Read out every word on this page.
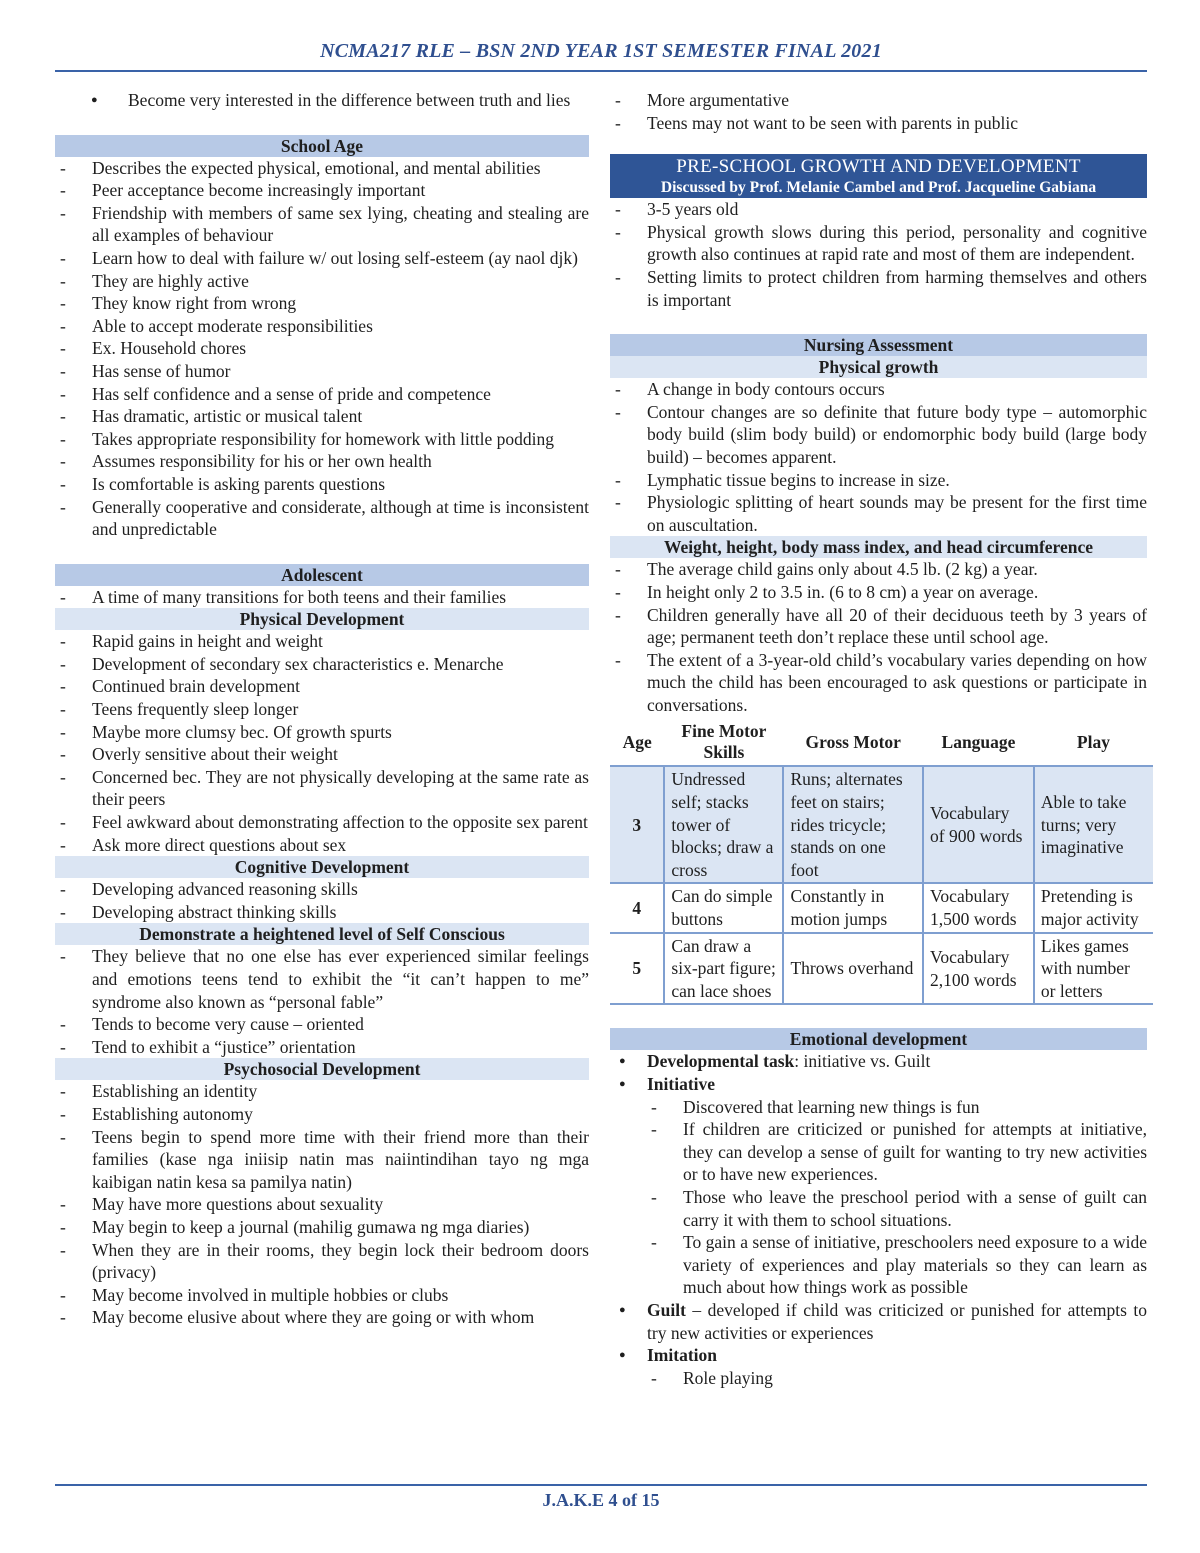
NCMA217 RLE – BSN 2ND YEAR 1ST SEMESTER FINAL 2021
● Become very interested in the difference between truth and lies
School Age
- Describes the expected physical, emotional, and mental abilities
- Peer acceptance become increasingly important
- Friendship with members of same sex lying, cheating and stealing are all examples of behaviour
- Learn how to deal with failure w/ out losing self-esteem (ay naol djk)
- They are highly active
- They know right from wrong
- Able to accept moderate responsibilities
- Ex. Household chores
- Has sense of humor
- Has self confidence and a sense of pride and competence
- Has dramatic, artistic or musical talent
- Takes appropriate responsibility for homework with little podding
- Assumes responsibility for his or her own health
- Is comfortable is asking parents questions
- Generally cooperative and considerate, although at time is inconsistent and unpredictable
Adolescent
- A time of many transitions for both teens and their families
Physical Development
- Rapid gains in height and weight
- Development of secondary sex characteristics e. Menarche
- Continued brain development
- Teens frequently sleep longer
- Maybe more clumsy bec. Of growth spurts
- Overly sensitive about their weight
- Concerned bec. They are not physically developing at the same rate as their peers
- Feel awkward about demonstrating affection to the opposite sex parent
- Ask more direct questions about sex
Cognitive Development
- Developing advanced reasoning skills
- Developing abstract thinking skills
Demonstrate a heightened level of Self Conscious
- They believe that no one else has ever experienced similar feelings and emotions teens tend to exhibit the “it can’t happen to me” syndrome also known as “personal fable”
- Tends to become very cause – oriented
- Tend to exhibit a “justice” orientation
Psychosocial Development
- Establishing an identity
- Establishing autonomy
- Teens begin to spend more time with their friend more than their families (kase nga iniisip natin mas naiintindihan tayo ng mga kaibigan natin kesa sa pamilya natin)
- May have more questions about sexuality
- May begin to keep a journal (mahilig gumawa ng mga diaries)
- When they are in their rooms, they begin lock their bedroom doors (privacy)
- May become involved in multiple hobbies or clubs
- May become elusive about where they are going or with whom
- More argumentative
- Teens may not want to be seen with parents in public
PRE-SCHOOL GROWTH AND DEVELOPMENT
Discussed by Prof. Melanie Cambel and Prof. Jacqueline Gabiana
- 3-5 years old
- Physical growth slows during this period, personality and cognitive growth also continues at rapid rate and most of them are independent.
- Setting limits to protect children from harming themselves and others is important
Nursing Assessment
Physical growth
- A change in body contours occurs
- Contour changes are so definite that future body type – automorphic body build (slim body build) or endomorphic body build (large body build) – becomes apparent.
- Lymphatic tissue begins to increase in size.
- Physiologic splitting of heart sounds may be present for the first time on auscultation.
Weight, height, body mass index, and head circumference
- The average child gains only about 4.5 lb. (2 kg) a year.
- In height only 2 to 3.5 in. (6 to 8 cm) a year on average.
- Children generally have all 20 of their deciduous teeth by 3 years of age; permanent teeth don’t replace these until school age.
- The extent of a 3-year-old child’s vocabulary varies depending on how much the child has been encouraged to ask questions or participate in conversations.
Age	Fine Motor Skills	Gross Motor	Language	Play
3	Undressed self; stacks tower of blocks; draw a cross	Runs; alternates feet on stairs; rides tricycle; stands on one foot	Vocabulary of 900 words	Able to take turns; very imaginative
4	Can do simple buttons	Constantly in motion jumps	Vocabulary 1,500 words	Pretending is major activity
5	Can draw a six-part figure; can lace shoes	Throws overhand	Vocabulary 2,100 words	Likes games with number or letters
Emotional development
● Developmental task: initiative vs. Guilt
● Initiative
- Discovered that learning new things is fun
- If children are criticized or punished for attempts at initiative, they can develop a sense of guilt for wanting to try new activities or to have new experiences.
- Those who leave the preschool period with a sense of guilt can carry it with them to school situations.
- To gain a sense of initiative, preschoolers need exposure to a wide variety of experiences and play materials so they can learn as much about how things work as possible
● Guilt – developed if child was criticized or punished for attempts to try new activities or experiences
● Imitation
- Role playing
J.A.K.E 4 of 15
